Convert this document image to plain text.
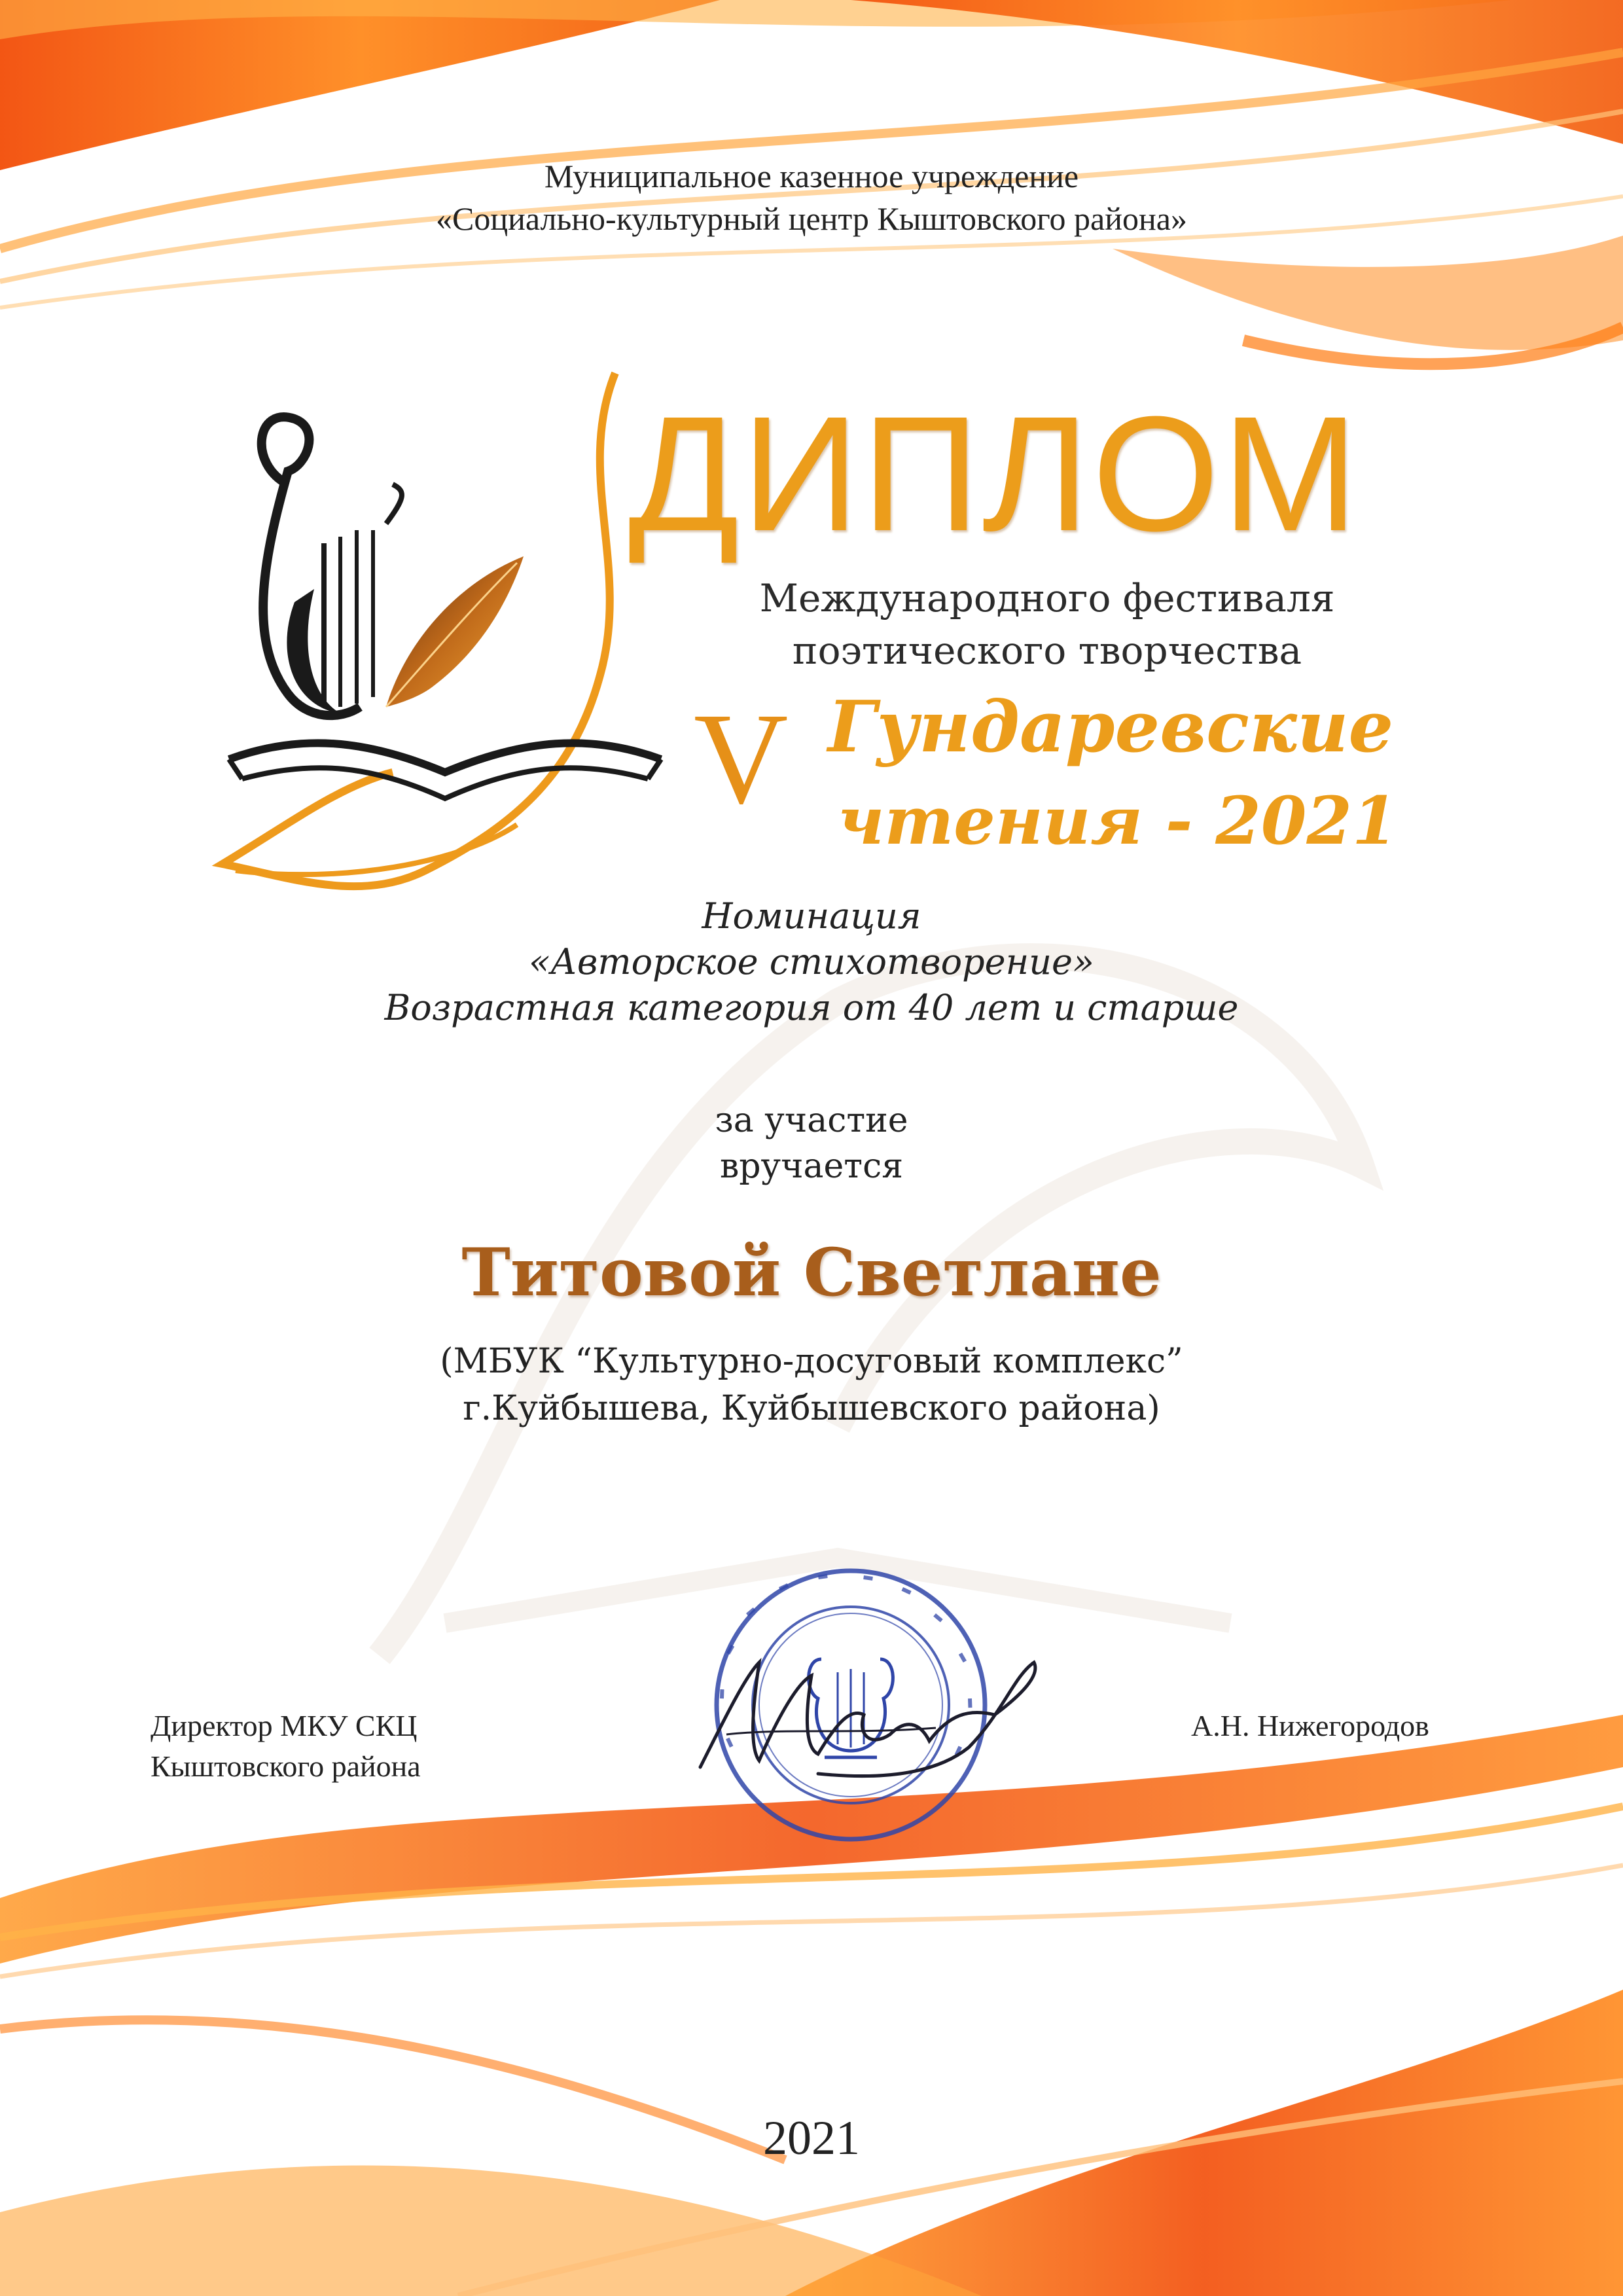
Муниципальное казенное учреждение
«Социально-культурный центр Кыштовского района»
ДИПЛОМ
Международного фестиваля
поэтического творчества
V Гундаревские
чтения - 2021
Номинация
«Авторское стихотворение»
Возрастная категория от 40 лет и старше
за участие
вручается
Титовой Светлане
(МБУК “Культурно-досуговый комплекс”
г.Куйбышева, Куйбышевского района)
Директор МКУ СКЦ
Кыштовского района
А.Н. Нижегородов
2021
